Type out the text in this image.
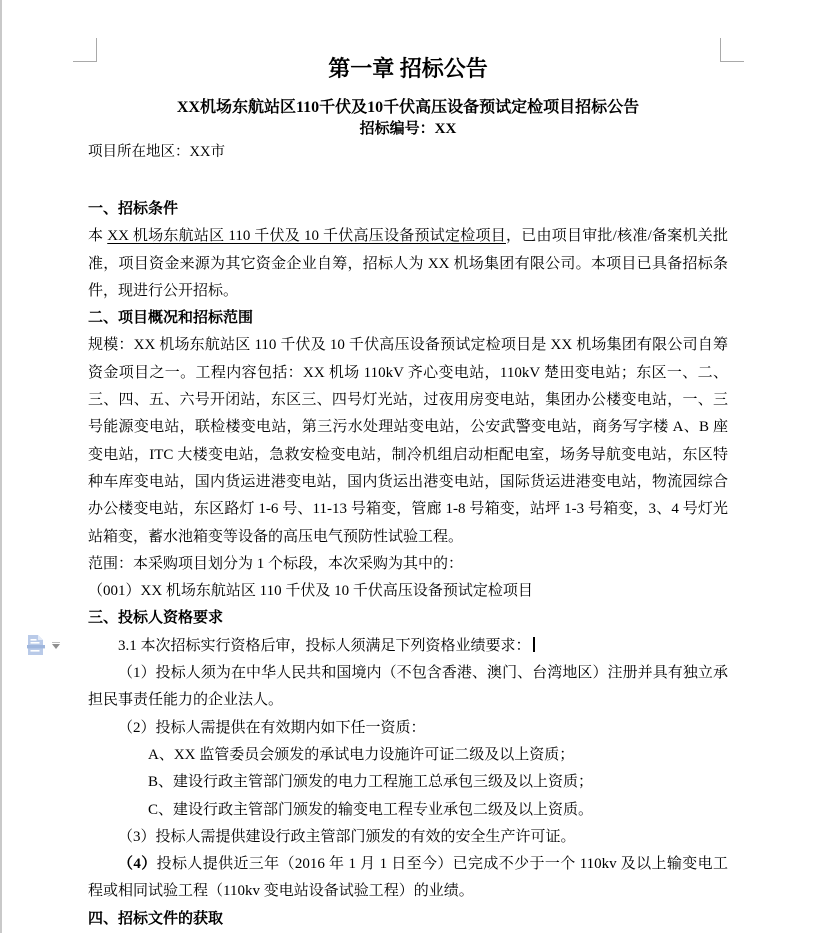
第一章 招标公告
XX机场东航站区110千伏及10千伏高压设备预试定检项目招标公告
招标编号：XX
项目所在地区：XX市

一、招标条件

本 XX 机场东航站区 110 千伏及 10 千伏高压设备预试定检项目，已由项目审批/核准/备案机关批准，项目资金来源为其它资金企业自筹，招标人为 XX 机场集团有限公司。本项目已具备招标条件，现进行公开招标。

二、项目概况和招标范围

规模：XX 机场东航站区 110 千伏及 10 千伏高压设备预试定检项目是 XX 机场集团有限公司自筹资金项目之一。工程内容包括：XX 机场 110kV 齐心变电站，110kV 楚田变电站；东区一、二、三、四、五、六号开闭站，东区三、四号灯光站，过夜用房变电站，集团办公楼变电站，一、三号能源变电站，联检楼变电站，第三污水处理站变电站，公安武警变电站，商务写字楼 A、B 座变电站，ITC 大楼变电站，急救安检变电站，制冷机组启动柜配电室，场务导航变电站，东区特种车库变电站，国内货运进港变电站，国内货运出港变电站，国际货运进港变电站，物流园综合办公楼变电站，东区路灯 1-6 号、11-13 号箱变，管廊 1-8 号箱变，站坪 1-3 号箱变，3、4 号灯光站箱变，蓄水池箱变等设备的高压电气预防性试验工程。

范围：本采购项目划分为 1 个标段，本次采购为其中的：

（001）XX 机场东航站区 110 千伏及 10 千伏高压设备预试定检项目

三、投标人资格要求

3.1 本次招标实行资格后审，投标人须满足下列资格业绩要求：

（1）投标人须为在中华人民共和国境内（不包含香港、澳门、台湾地区）注册并具有独立承担民事责任能力的企业法人。

（2）投标人需提供在有效期内如下任一资质：

A、XX 监管委员会颁发的承试电力设施许可证二级及以上资质；

B、建设行政主管部门颁发的电力工程施工总承包三级及以上资质；

C、建设行政主管部门颁发的输变电工程专业承包二级及以上资质。

（3）投标人需提供建设行政主管部门颁发的有效的安全生产许可证。

（4）投标人提供近三年（2016 年 1 月 1 日至今）已完成不少于一个 110kv 及以上输变电工程或相同试验工程（110kv 变电站设备试验工程）的业绩。

四、招标文件的获取
